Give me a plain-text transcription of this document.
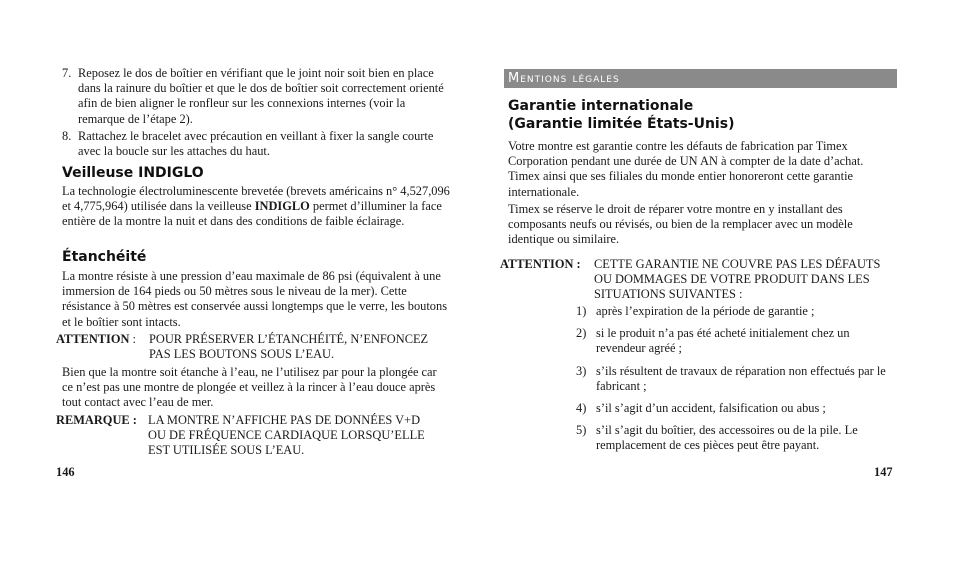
7. Reposez le dos de boîtier en vérifiant que le joint noir soit bien en place dans la rainure du boîtier et que le dos de boîtier soit correctement orienté afin de bien aligner le ronfleur sur les connexions internes (voir la remarque de l’étape 2).
8. Rattachez le bracelet avec précaution en veillant à fixer la sangle courte avec la boucle sur les attaches du haut.
Veilleuse INDIGLO

La technologie électroluminescente brevetée (brevets américains n° 4,527,096 et 4,775,964) utilisée dans la veilleuse INDIGLO permet d’illuminer la face entière de la montre la nuit et dans des conditions de faible éclairage.

Étanchéité

La montre résiste à une pression d’eau maximale de 86 psi (équivalent à une immersion de 164 pieds ou 50 mètres sous le niveau de la mer). Cette résistance à 50 mètres est conservée aussi longtemps que le verre, les boutons et le boîtier sont intacts.

ATTENTION : POUR PRÉSERVER L’ÉTANCHÉITÉ, N’ENFONCEZ PAS LES BOUTONS SOUS L’EAU.

Bien que la montre soit étanche à l’eau, ne l’utilisez par pour la plongée car ce n’est pas une montre de plongée et veillez à la rincer à l’eau douce après tout contact avec l’eau de mer.

REMARQUE : LA MONTRE N’AFFICHE PAS DE DONNÉES V+D OU DE FRÉQUENCE CARDIAQUE LORSQU’ELLE EST UTILISÉE SOUS L’EAU.
146
Mentions légales
Garantie internationale
(Garantie limitée États-Unis)

Votre montre est garantie contre les défauts de fabrication par Timex Corporation pendant une durée de UN AN à compter de la date d’achat. Timex ainsi que ses filiales du monde entier honoreront cette garantie internationale.

Timex se réserve le droit de réparer votre montre en y installant des composants neufs ou révisés, ou bien de la remplacer avec un modèle identique ou similaire.

ATTENTION : CETTE GARANTIE NE COUVRE PAS LES DÉFAUTS OU DOMMAGES DE VOTRE PRODUIT DANS LES SITUATIONS SUIVANTES :
1) après l’expiration de la période de garantie ;
2) si le produit n’a pas été acheté initialement chez un revendeur agréé ;
3) s’ils résultent de travaux de réparation non effectués par le fabricant ;
4) s’il s’agit d’un accident, falsification ou abus ;
5) s’il s’agit du boîtier, des accessoires ou de la pile. Le remplacement de ces pièces peut être payant.
147
